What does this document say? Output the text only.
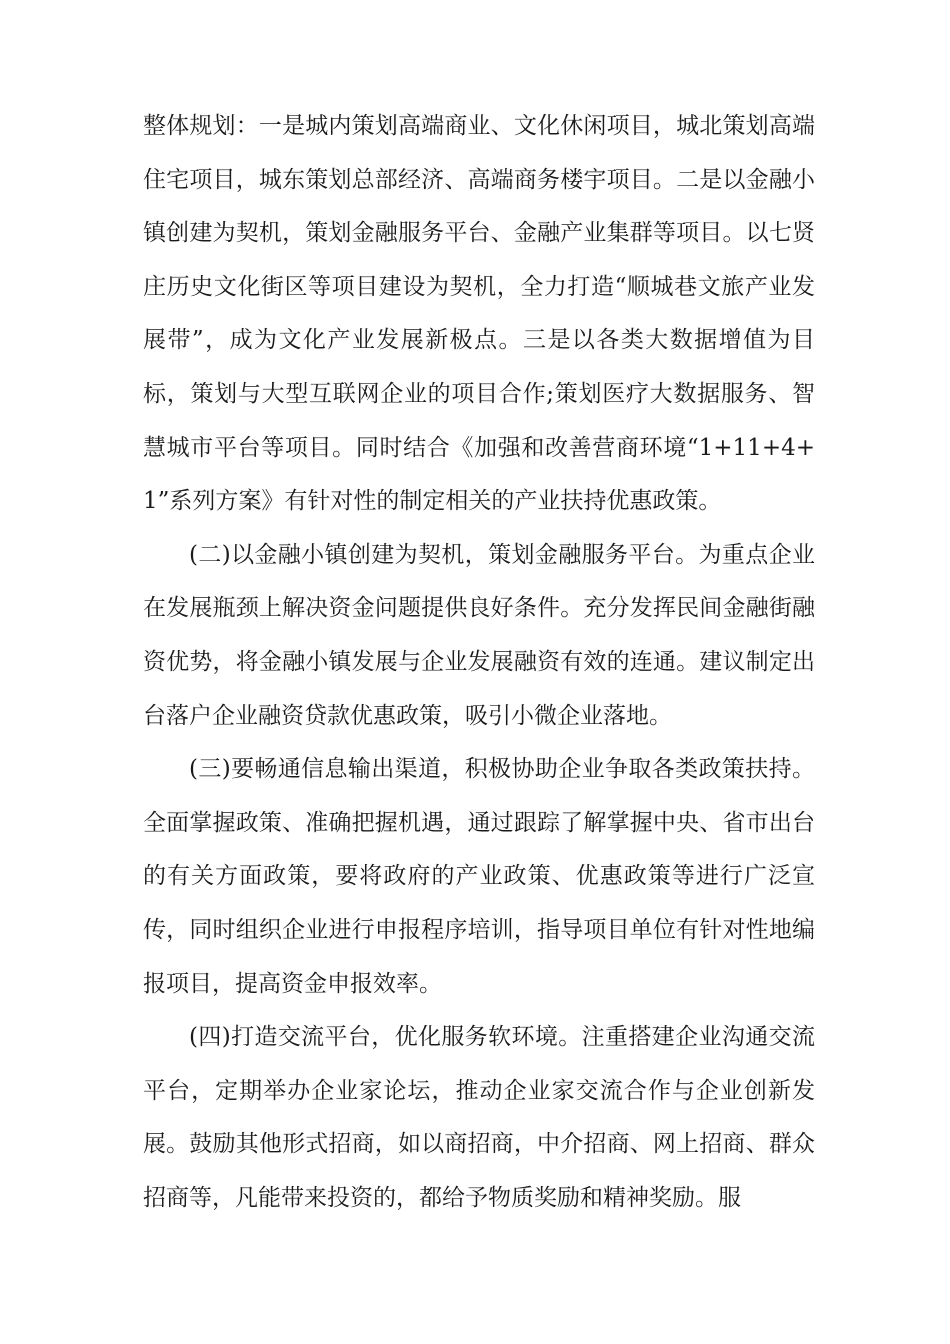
整体规划：一是城内策划高端商业、文化休闲项目，城北策划高端住宅项目，城东策划总部经济、高端商务楼宇项目。二是以金融小镇创建为契机，策划金融服务平台、金融产业集群等项目。以七贤庄历史文化街区等项目建设为契机，全力打造“顺城巷文旅产业发展带”，成为文化产业发展新极点。三是以各类大数据增值为目标，策划与大型互联网企业的项目合作;策划医疗大数据服务、智慧城市平台等项目。同时结合《加强和改善营商环境“1+11+4+1”系列方案》有针对性的制定相关的产业扶持优惠政策。

(二)以金融小镇创建为契机，策划金融服务平台。为重点企业在发展瓶颈上解决资金问题提供良好条件。充分发挥民间金融街融资优势，将金融小镇发展与企业发展融资有效的连通。建议制定出台落户企业融资贷款优惠政策，吸引小微企业落地。

(三)要畅通信息输出渠道，积极协助企业争取各类政策扶持。全面掌握政策、准确把握机遇，通过跟踪了解掌握中央、省市出台的有关方面政策，要将政府的产业政策、优惠政策等进行广泛宣传，同时组织企业进行申报程序培训，指导项目单位有针对性地编报项目，提高资金申报效率。

(四)打造交流平台，优化服务软环境。注重搭建企业沟通交流平台，定期举办企业家论坛，推动企业家交流合作与企业创新发展。鼓励其他形式招商，如以商招商，中介招商、网上招商、群众招商等，凡能带来投资的，都给予物质奖励和精神奖励。服
